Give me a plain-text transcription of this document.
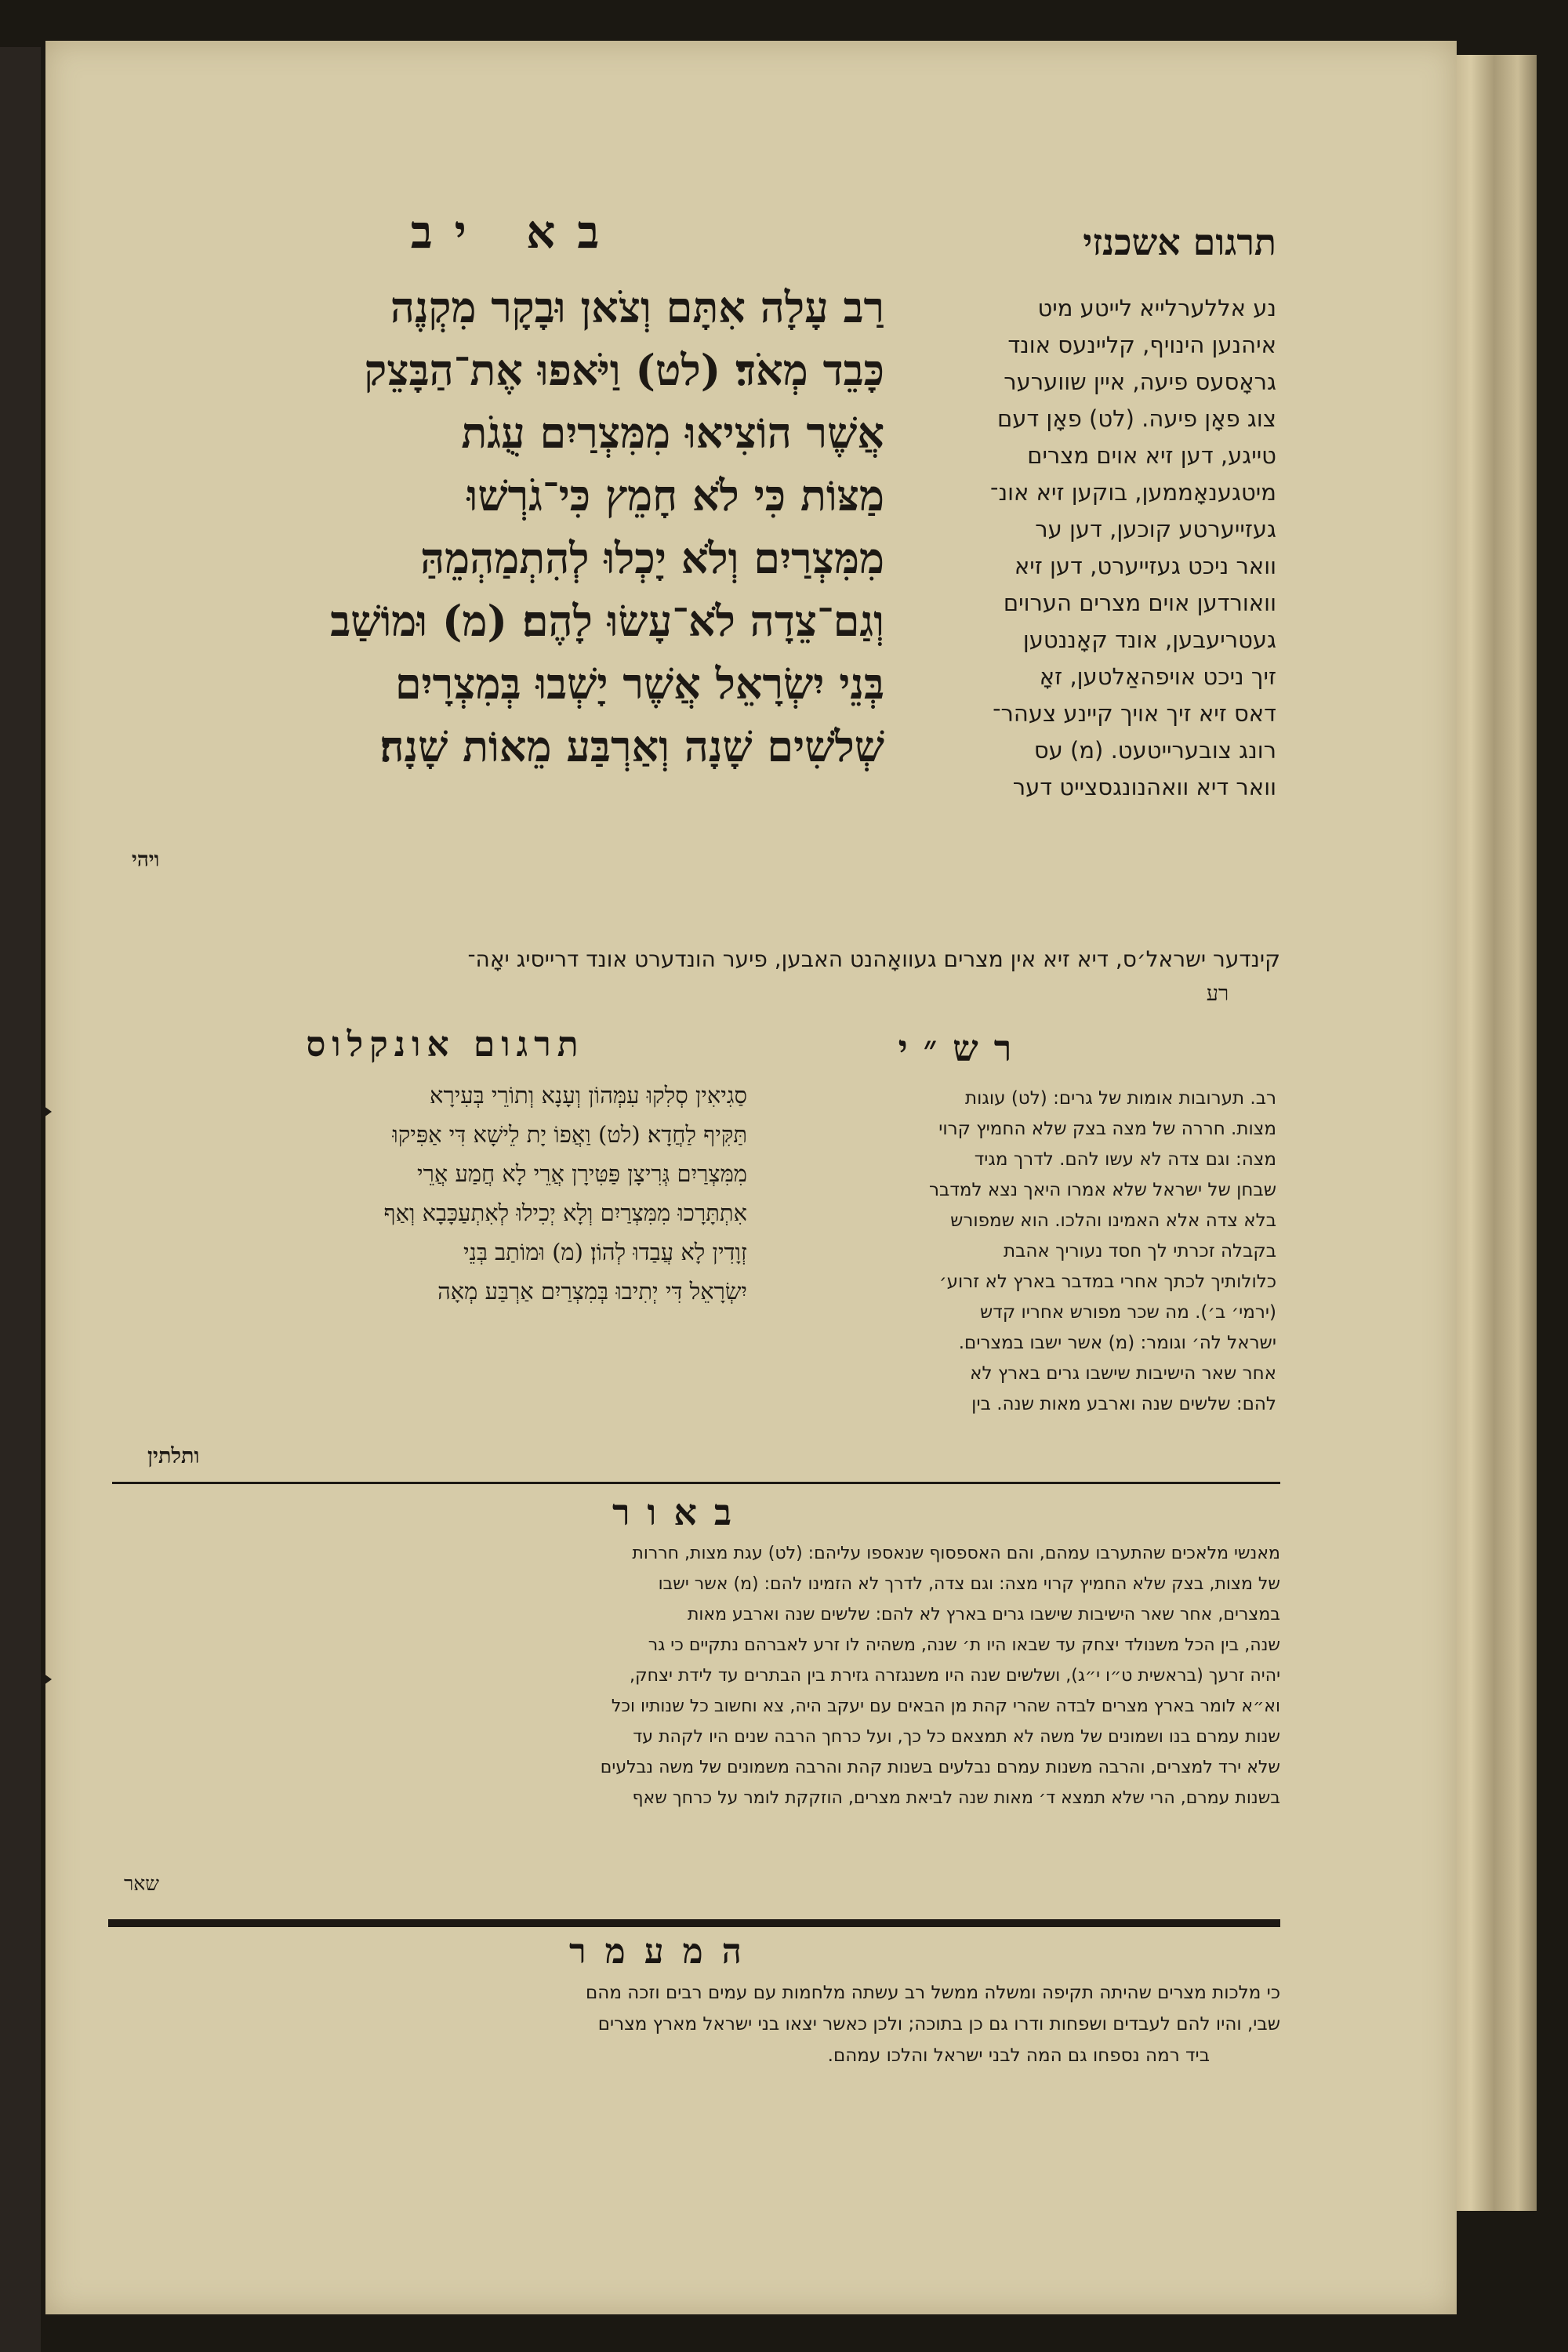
בא יב	תרגום אשכנזי
רַב עָלָה אִתָּם וְצֹאן וּבָקָר מִקְנֶה
כָּבֵד מְאֹד׃ (לט) וַיֹּאפוּ אֶת־הַבָּצֵק
אֲשֶׁר הוֹצִיאוּ מִמִּצְרַיִם עֻגֹת
מַצּוֹת כִּי לֹא חָמֵץ כִּי־גֹרְשׁוּ
מִמִּצְרַיִם וְלֹא יָכְלוּ לְהִתְמַהְמֵהַּ
וְגַם־צֵדָה לֹא־עָשׂוּ לָהֶם׃ (מ) וּמוֹשַׁב
בְּנֵי יִשְׂרָאֵל אֲשֶׁר יָשְׁבוּ בְּמִצְרָיִם
שְׁלֹשִׁים שָׁנָה וְאַרְבַּע מֵאוֹת שָׁנָה׃
ויהי
נע אללערלייא לייטע מיט
איהנען הינויף, קליינעס אונד
גראָסעס פיעה, איין שווערער
צוג פאָן פיעה. (לט) פאָן דעם
טייגע, דען זיא אוים מצרים
מיטגענאָממען, בוקען זיא אונ־
געזייערטע קוכען, דען ער
וואר ניכט געזייערט, דען זיא
וואורדען אוים מצרים הערוים
געטריעבען, אונד קאָננטען
זיך ניכט אויפהאַלטען, זאָ
דאס זיא זיך אויך קיינע צעהר־
רונג צובערייטעט. (מ) עס
וואר דיא וואהנונגסצייט דער
קינדער ישראל׳ס, דיא זיא אין מצרים געוואָהנט האבען, פיער הונדערט אונד דרייסיג יאָה־
רע
רש״י
רב. תערובות אומות של גרים: (לט) עוגות
מצות. חררה של מצה בצק שלא החמיץ קרוי
מצה: וגם צדה לא עשו להם. לדרך מגיד
שבחן של ישראל שלא אמרו היאך נצא למדבר
בלא צדה אלא האמינו והלכו. הוא שמפורש
בקבלה זכרתי לך חסד נעוריך אהבת
כלולותיך לכתך אחרי במדבר בארץ לא זרוע׳
(ירמי׳ ב׳). מה שכר מפורש אחריו קדש
ישראל לה׳ וגומר: (מ) אשר ישבו במצרים.
אחר שאר הישיבות שישבו גרים בארץ לא
להם: שלשים שנה וארבע מאות שנה. בין
תרגום אונקלוס
סַגִיאִין סְלִקוּ עִמְּהוֹן וְעָנָא וְתוֹרֵי בְּעִירָא
תַּקִּיף לַחֲדָא׃ (לט) וַאֲפוֹ יָת לֵישָׁא דִּי אַפִּיקוּ
מִמִּצְרַיִם גְּרִיצָן פַּטִּירָן אֲרֵי לָא חֲמַע אֲרֵי
אִתְתָּרָכוּ מִמִּצְרַיִם וְלָא יְכִילוּ לְאִתְעַכָּבָא וְאַף
זְוָדִין לָא עֲבַדוּ לְהוֹן׃ (מ) וּמוֹתַב בְּנֵי
יִשְׂרָאֵל דִּי יְתִיבוּ בְּמִצְרַיִם אַרְבַּע מְאָה
ותלתין
באור
מאנשי מלאכים שהתערבו עמהם, והם האספסוף שנאספו עליהם: (לט) עגת מצות, חררות
של מצות, בצק שלא החמיץ קרוי מצה: וגם צדה, לדרך לא הזמינו להם: (מ) אשר ישבו
במצרים, אחר שאר הישיבות שישבו גרים בארץ לא להם: שלשים שנה וארבע מאות
שנה, בין הכל משנולד יצחק עד שבאו היו ת׳ שנה, משהיה לו זרע לאברהם נתקיים כי גר
יהיה זרעך (בראשית ט״ו י״ג), ושלשים שנה היו משנגזרה גזירת בין הבתרים עד לידת יצחק,
וא״א לומר בארץ מצרים לבדה שהרי קהת מן הבאים עם יעקב היה, צא וחשוב כל שנותיו וכל
שנות עמרם בנו ושמונים של משה לא תמצאם כל כך, ועל כרחך הרבה שנים היו לקהת עד
שלא ירד למצרים, והרבה משנות עמרם נבלעים בשנות קהת והרבה משמונים של משה נבלעים
בשנות עמרם, הרי שלא תמצא ד׳ מאות שנה לביאת מצרים, הוזקקת לומר על כרחך שאף
שאר
המעמר
כי מלכות מצרים שהיתה תקיפה ומשלה ממשל רב עשתה מלחמות עם עמים רבים וזכה מהם
שבי, והיו להם לעבדים ושפחות ודרו גם כן בתוכה; ולכן כאשר יצאו בני ישראל מארץ מצרים
ביד רמה נספחו גם המה לבני ישראל והלכו עמהם.
